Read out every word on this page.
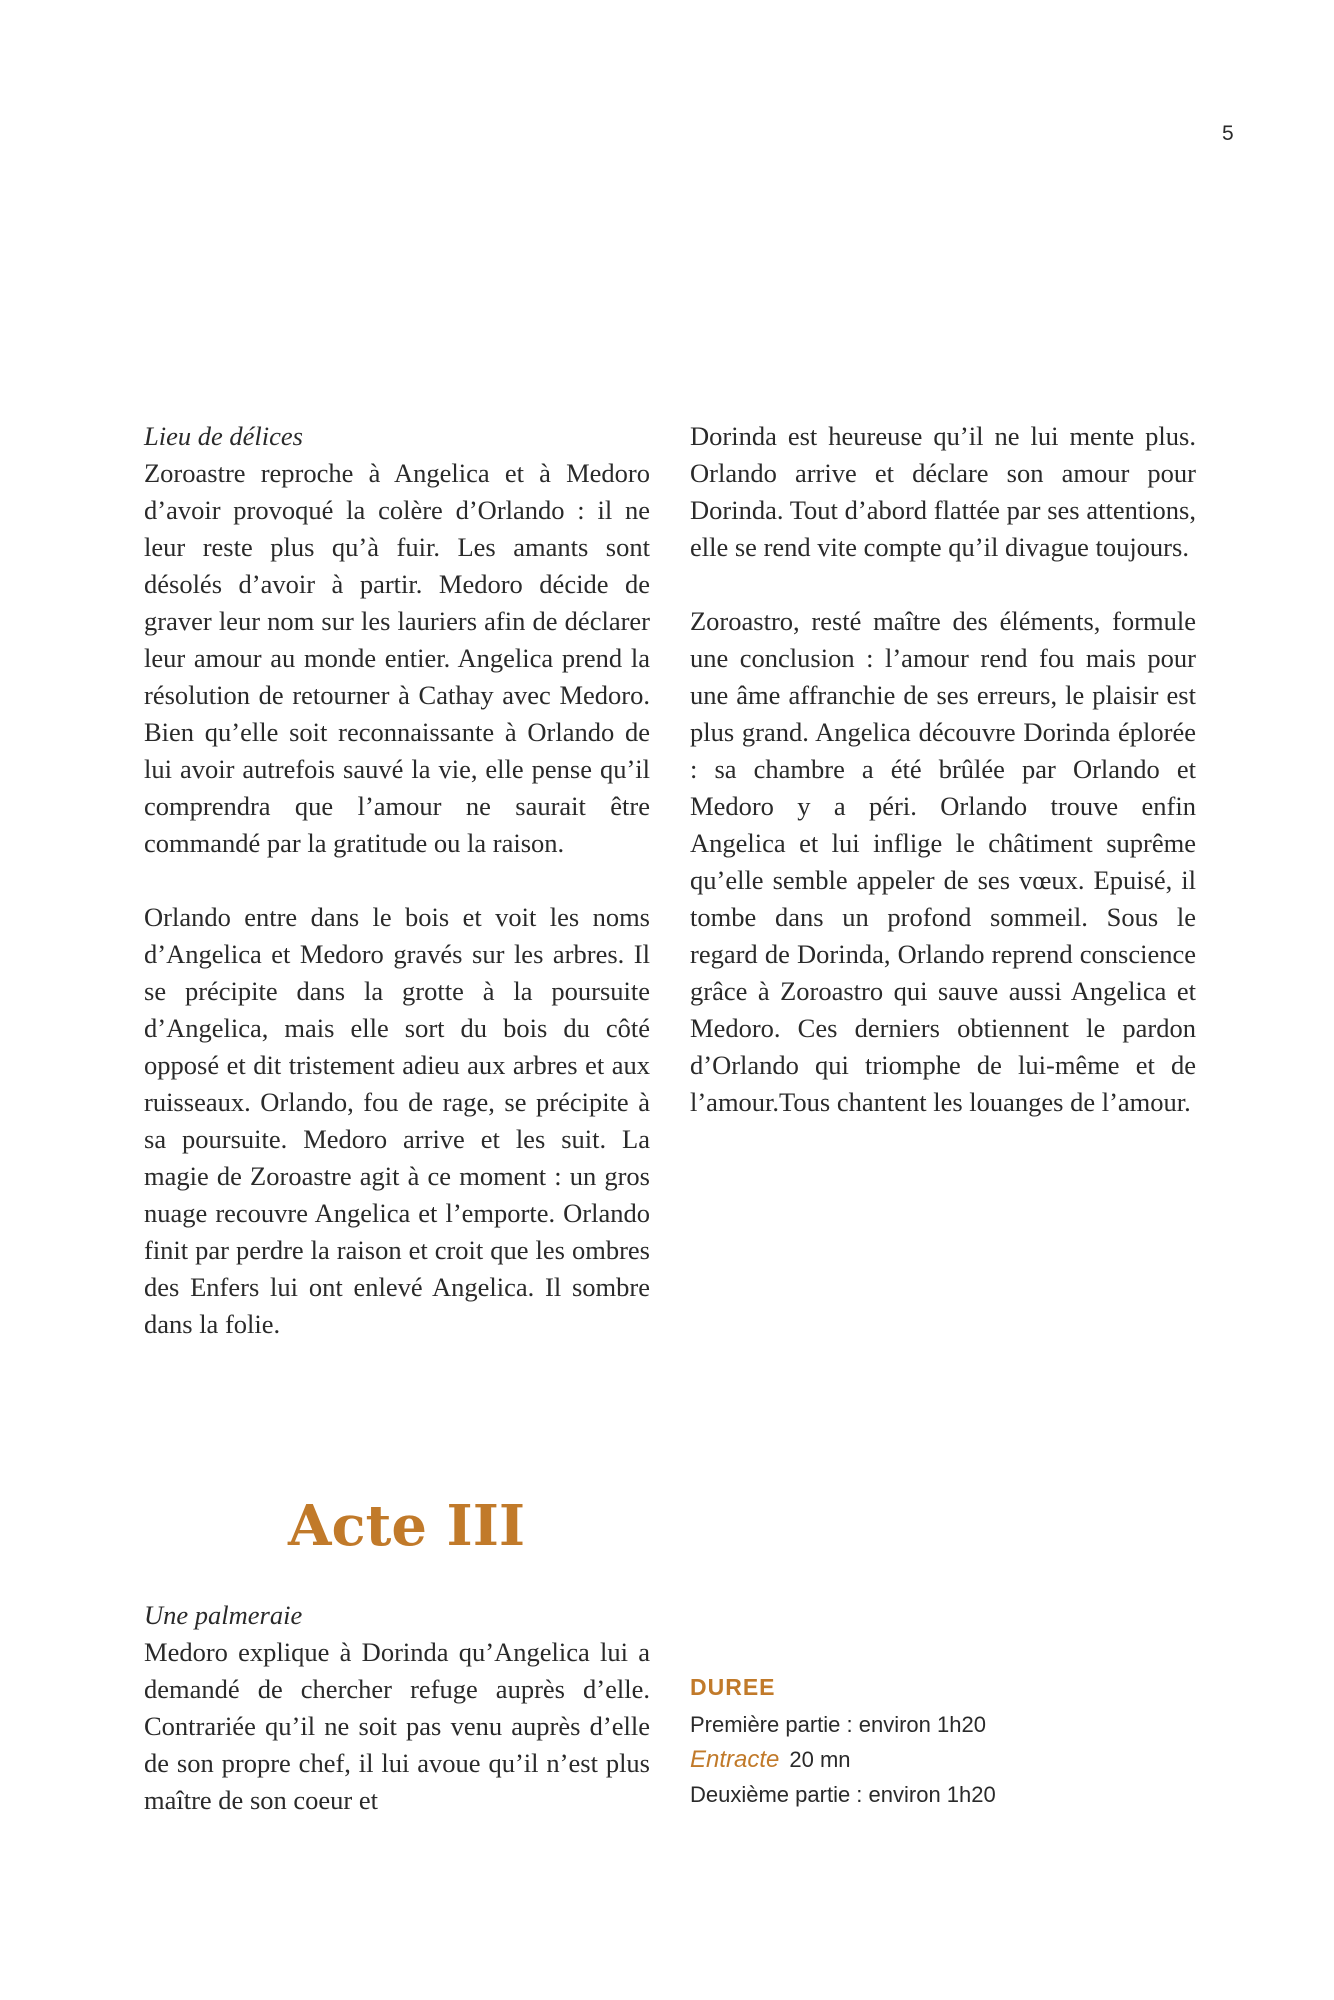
5

Lieu de délices

Zoroastre reproche à Angelica et à Medoro d’avoir provoqué la colère d’Orlando : il ne leur reste plus qu’à fuir. Les amants sont désolés d’avoir à partir. Medoro décide de graver leur nom sur les lauriers afin de déclarer leur amour au monde entier. Angelica prend la résolution de retourner à Cathay avec Medoro. Bien qu’elle soit reconnaissante à Orlando de lui avoir autrefois sauvé la vie, elle pense qu’il comprendra que l’amour ne saurait être commandé par la gratitude ou la raison.

Orlando entre dans le bois et voit les noms d’Angelica et Medoro gravés sur les arbres. Il se précipite dans la grotte à la poursuite d’Angelica, mais elle sort du bois du côté opposé et dit tristement adieu aux arbres et aux ruisseaux. Orlando, fou de rage, se précipite à sa poursuite. Medoro arrive et les suit. La magie de Zoroastre agit à ce moment : un gros nuage recouvre Angelica et l’emporte. Orlando finit par perdre la raison et croit que les ombres des Enfers lui ont enlevé Angelica. Il sombre dans la folie.

Dorinda est heureuse qu’il ne lui mente plus. Orlando arrive et déclare son amour pour Dorinda. Tout d’abord flattée par ses attentions, elle se rend vite compte qu’il divague toujours.

Zoroastro, resté maître des éléments, formule une conclusion : l’amour rend fou mais pour une âme affranchie de ses erreurs, le plaisir est plus grand. Angelica découvre Dorinda éplorée : sa chambre a été brûlée par Orlando et Medoro y a péri. Orlando trouve enfin Angelica et lui inflige le châtiment suprême qu’elle semble appeler de ses vœux. Epuisé, il tombe dans un profond sommeil. Sous le regard de Dorinda, Orlando reprend conscience grâce à Zoroastro qui sauve aussi Angelica et Medoro. Ces derniers obtiennent le pardon d’Orlando qui triomphe de lui-même et de l’amour.Tous chantent les louanges de l’amour.

Acte III

Une palmeraie

Medoro explique à Dorinda qu’Angelica lui a demandé de chercher refuge auprès d’elle. Contrariée qu’il ne soit pas venu auprès d’elle de son propre chef, il lui avoue qu’il n’est plus maître de son coeur et

DUREE

Première partie : environ 1h20

Entracte 20 mn

Deuxième partie : environ 1h20
